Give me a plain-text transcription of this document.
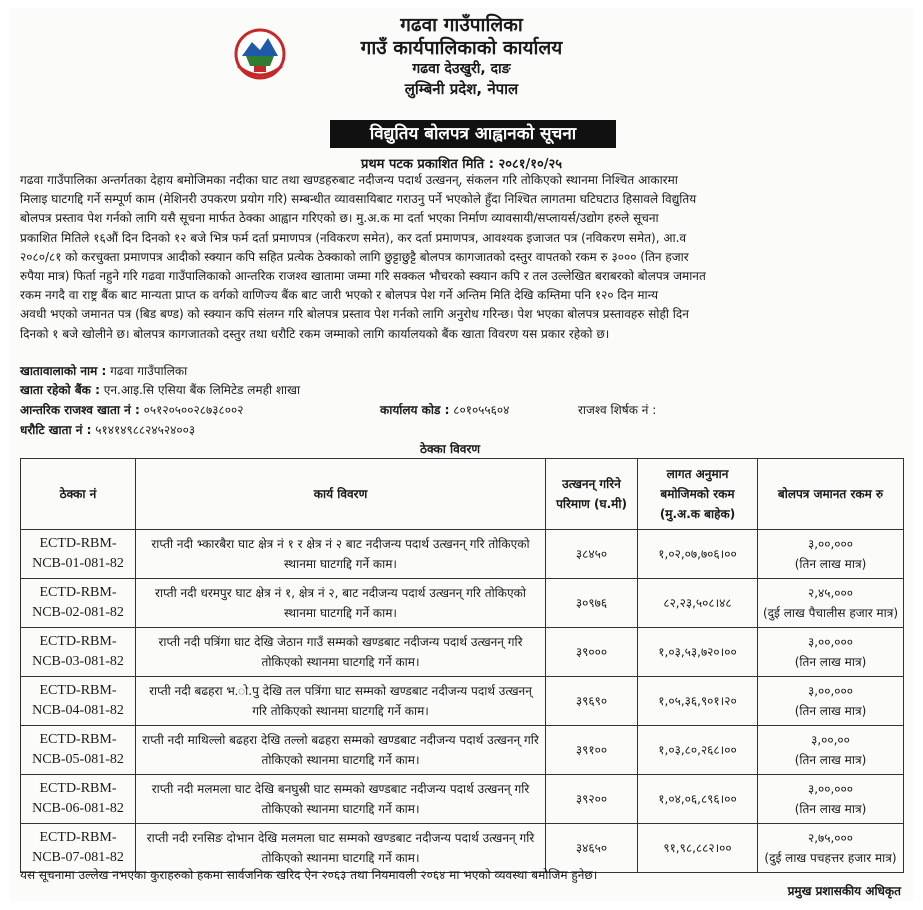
गढवा गाउँपालिका
गाउँ कार्यपालिकाको कार्यालय
गढवा देउखुरी, दाङ
लुम्बिनी प्रदेश, नेपाल
विद्युतिय बोलपत्र आह्वानको सूचना
प्रथम पटक प्रकाशित मिति : २०८१/१०/२५
गढवा गाउँपालिका अन्तर्गतका देहाय बमोजिमका नदीका घाट तथा खण्डहरुबाट नदीजन्य पदार्थ उत्खनन्, संकलन गरि तोकिएको स्थानमा निश्चित आकारमा
मिलाइ घाटगद्दि गर्ने सम्पूर्ण काम (मेशिनरी उपकरण प्रयोग गरि) सम्बन्धीत व्यावसायिबाट गराउनु पर्ने भएकोले हुँदा निश्चित लागतमा घटिघटाउ हिसावले विद्युतिय
बोलपत्र प्रस्ताव पेश गर्नको लागि यसै सूचना मार्फत ठेक्का आह्वान गरिएको छ। मु.अ.क मा दर्ता भएका निर्माण व्यावसायी/सप्लायर्स/उद्योग हरुले सूचना
प्रकाशित मितिले १६औं दिन दिनको १२ बजे भित्र फर्म दर्ता प्रमाणपत्र (नविकरण समेत), कर दर्ता प्रमाणपत्र, आवश्यक इजाजत पत्र (नविकरण समेत), आ.व
२०८०/८१ को करचुक्ता प्रमाणपत्र आदीको स्क्यान कपि सहित प्रत्येक ठेक्काको लागि छुट्टाछुट्टै बोलपत्र कागजातको दस्तुर वापतको रकम रु ३००० (तिन हजार
रुपैया मात्र) फिर्ता नहुने गरि गढवा गाउँपालिकाको आन्तरिक राजश्व खातामा जम्मा गरि सक्कल भौचरको स्क्यान कपि र तल उल्लेखित बराबरको बोलपत्र जमानत
रकम नगदै वा राष्ट्र बैंक बाट मान्यता प्राप्त क वर्गको वाणिज्य बैंक बाट जारी भएको र बोलपत्र पेश गर्ने अन्तिम मिति देखि कम्तिमा पनि १२० दिन मान्य
अवधी भएको जमानत पत्र (बिड बण्ड) को स्क्यान कपि संलग्न गरि बोलपत्र प्रस्ताव पेश गर्नको लागि अनुरोध गरिन्छ। पेश भएका बोलपत्र प्रस्तावहरु सोही दिन
दिनको १ बजे खोलीने छ। बोलपत्र कागजातको दस्तुर तथा धरौटि रकम जम्माको लागि कार्यालयको बैंक खाता विवरण यस प्रकार रहेको छ।
खातावालाको नाम : गढवा गाउँपालिका
खाता रहेको बैंक : एन.आइ.सि एसिया बैंक लिमिटेड लमही शाखा
आन्तरिक राजश्व खाता नं : ०५१२०५००२८७३८००२	कार्यालय कोड : ८०१०५५६०४	राजश्व शिर्षक नं :
धरौटि खाता नं : ५१४१४९८८२४५२४००३
ठेक्का विवरण
ठेक्का नं	कार्य विवरण	उत्खनन् गरिने परिमाण (घ.मी)	लागत अनुमान बमोजिमको रकम (मु.अ.क बाहेक)	बोलपत्र जमानत रकम रु
ECTD-RBM-NCB-01-081-82	राप्ती नदी भ्कारबैरा घाट क्षेत्र नं १ र क्षेत्र नं २ बाट नदीजन्य पदार्थ उत्खनन् गरि तोकिएको स्थानमा घाटगद्दि गर्ने काम।	३८४५०	१,०२,०७,७०६।००	३,००,०००
(तिन लाख मात्र)

ECTD-RBM-NCB-02-081-82	राप्ती नदी धरमपुर घाट क्षेत्र नं १, क्षेत्र नं २, बाट नदीजन्य पदार्थ उत्खनन् गरि तोकिएको स्थानमा घाटगद्दि गर्ने काम।	३०९७६	८२,२३,५०८।४८	२,४५,०००
(दुई लाख पैचालीस हजार मात्र)

ECTD-RBM-NCB-03-081-82	राप्ती नदी पत्रिंगा घाट देखि जेठान गाउँ सम्मको खण्डबाट नदीजन्य पदार्थ उत्खनन् गरि तोकिएको स्थानमा घाटगद्दि गर्ने काम।	३९०००	१,०३,५३,७२०।००	३,००,०००
(तिन लाख मात्र)

ECTD-RBM-NCB-04-081-82	राप्ती नदी बढहरा भ.ो.पु देखि तल पत्रिंगा घाट सम्मको खण्डबाट नदीजन्य पदार्थ उत्खनन् गरि तोकिएको स्थानमा घाटगद्दि गर्ने काम।	३९६९०	१,०५,३६,९०१।२०	३,००,०००
(तिन लाख मात्र)

ECTD-RBM-NCB-05-081-82	राप्ती नदी माथिल्लो बढहरा देखि तल्लो बढहरा सम्मको खण्डबाट नदीजन्य पदार्थ उत्खनन् गरि तोकिएको स्थानमा घाटगद्दि गर्ने काम।	३९१००	१,०३,८०,२६८।००	३,००,००
(तिन लाख मात्र)

ECTD-RBM-NCB-06-081-82	राप्ती नदी मलमला घाट देखि बनघुस्री घाट सम्मको खण्डबाट नदीजन्य पदार्थ उत्खनन् गरि तोकिएको स्थानमा घाटगद्दि गर्ने काम।	३९२००	१,०४,०६,८९६।००	३,००,०००
(तिन लाख मात्र)

ECTD-RBM-NCB-07-081-82	राप्ती नदी रनसिङ दोभान देखि मलमला घाट सम्मको खण्डबाट नदीजन्य पदार्थ उत्खनन् गरि तोकिएको स्थानमा घाटगद्दि गर्ने काम।	३४६५०	९१,९८,८८२।००	२,७५,०००
(दुई लाख पचहत्तर हजार मात्र)
यस सूचनामा उल्लेख नभएका कुराहरुको हकमा सार्वजनिक खरिद ऐन २०६३ तथा नियमावली २०६४ मा भएको व्यवस्था बमोजिम हुनेछ।
प्रमुख प्रशासकीय अधिकृत
